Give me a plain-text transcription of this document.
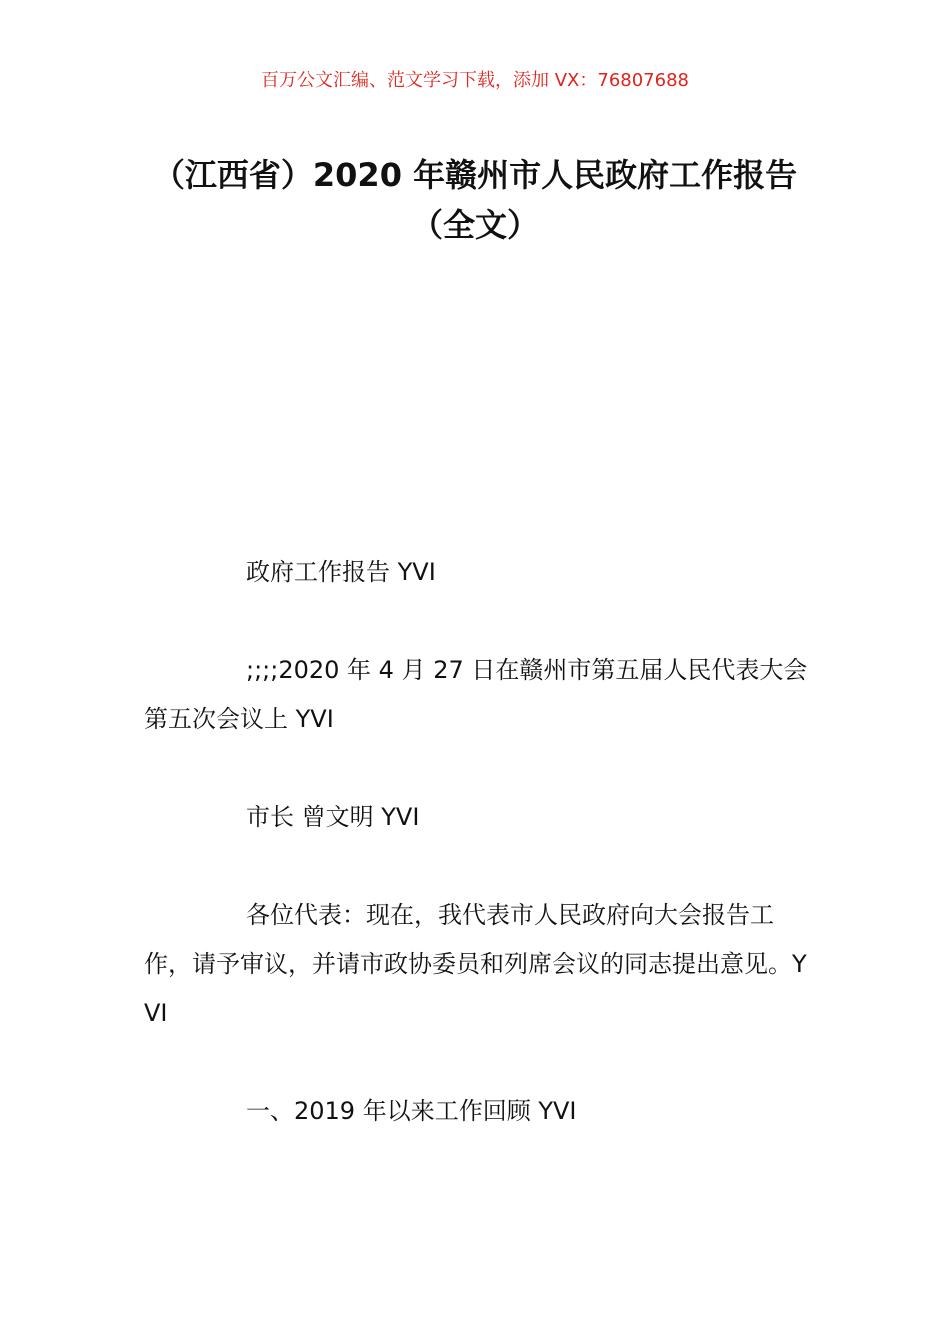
百万公文汇编、范文学习下载，添加 VX：76807688
（江西省）2020 年赣州市人民政府工作报告（全文）

政府工作报告 YVI

;;;;2020 年 4 月 27 日在赣州市第五届人民代表大会第五次会议上 YVI

市长 曾文明 YVI

各位代表：现在，我代表市人民政府向大会报告工作，请予审议，并请市政协委员和列席会议的同志提出意见。YVI

一、2019 年以来工作回顾 YVI
